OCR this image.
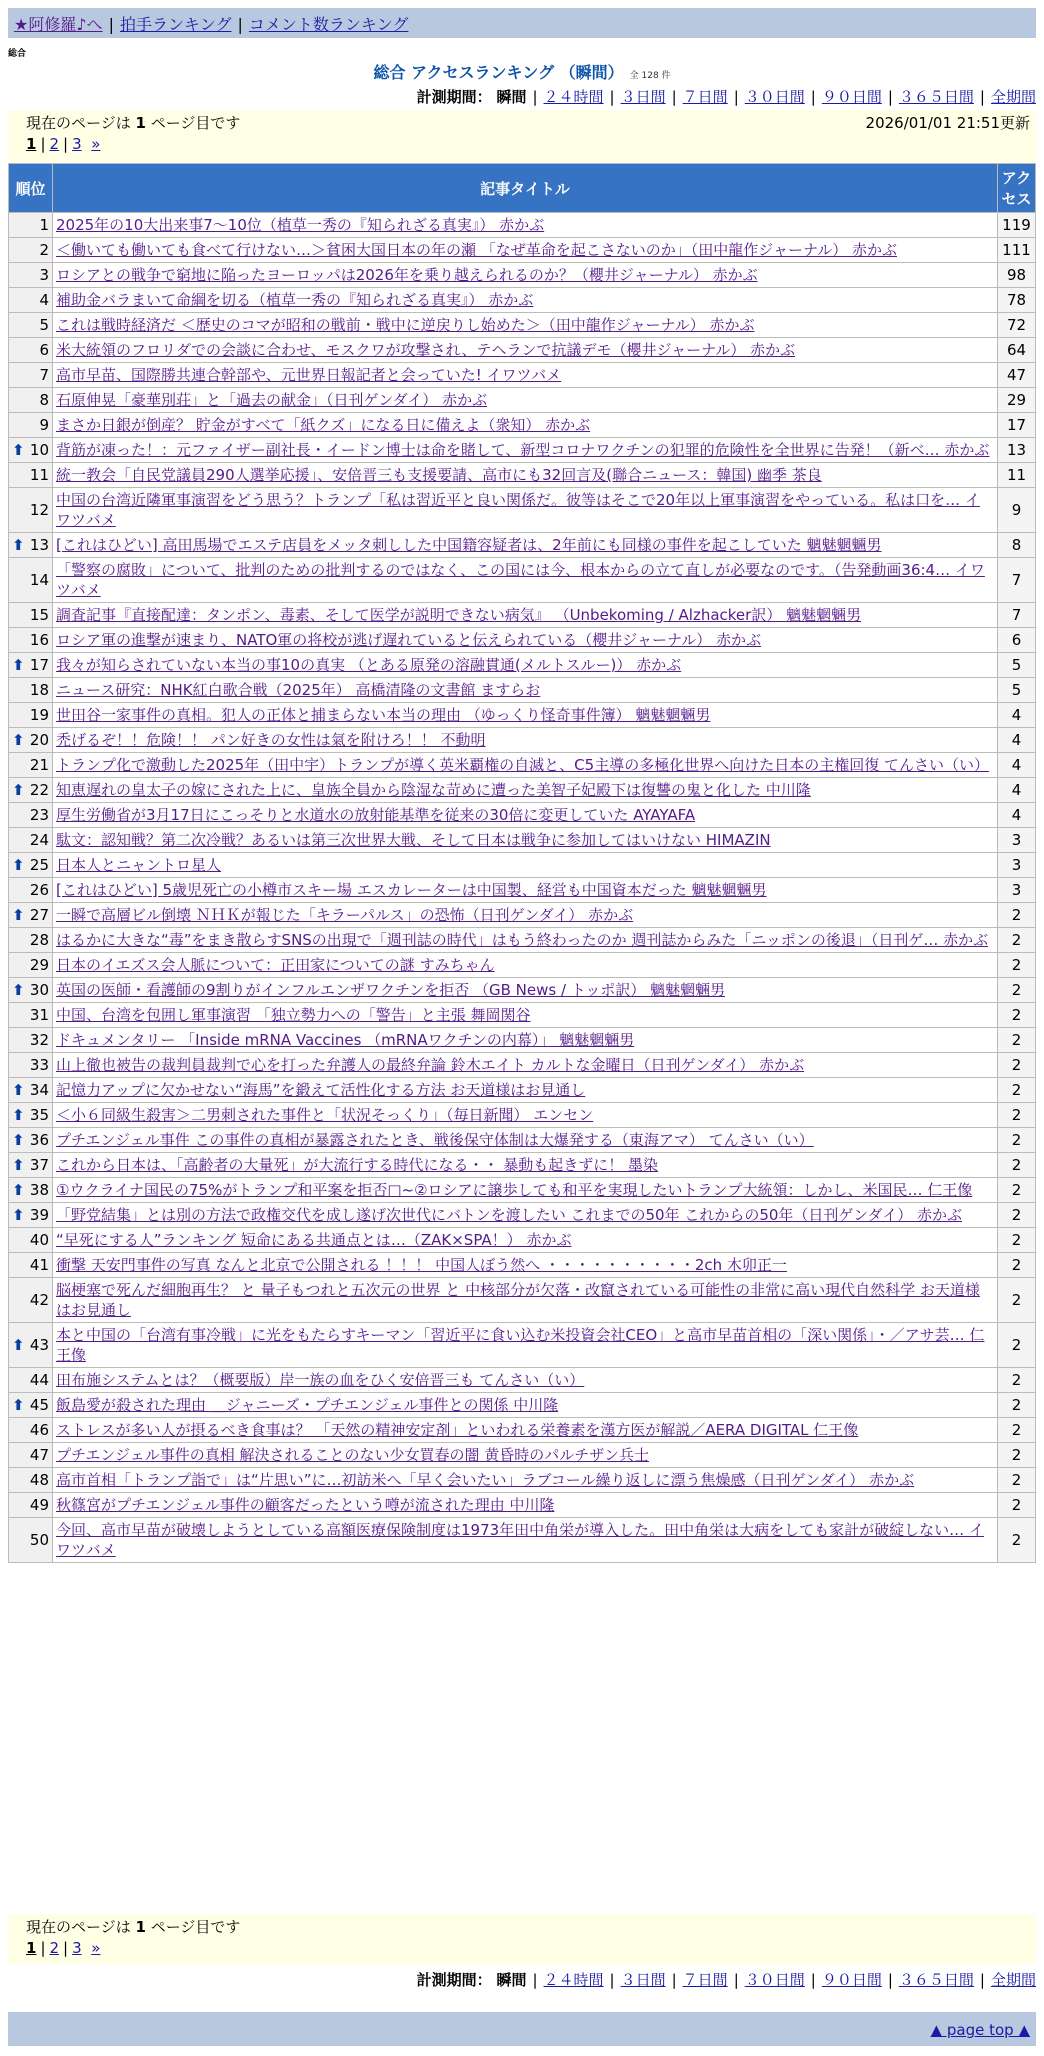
★阿修羅♪へ | 拍手ランキング | コメント数ランキング
総合
総合 アクセスランキング （瞬間） 全 128 件
計測期間： 瞬間 | ２４時間 | ３日間 | ７日間 | ３０日間 | ９０日間 | ３６５日間 | 全期間
現在のページは 1 ページ目です	2026/01/01 21:51更新
1 | 2 | 3 »
順位	記事タイトル	アクセス
1	2025年の10大出来事7～10位（植草一秀の『知られざる真実』） 赤かぶ	119
2	＜働いても働いても食べて行けない…＞貧困大国日本の年の瀬 「なぜ革命を起こさないのか」（田中龍作ジャーナル） 赤かぶ	111
3	ロシアとの戦争で窮地に陥ったヨーロッパは2026年を乗り越えられるのか？（櫻井ジャーナル） 赤かぶ	98
4	補助金バラまいて命綱を切る（植草一秀の『知られざる真実』） 赤かぶ	78
5	これは戦時経済だ ＜歴史のコマが昭和の戦前・戦中に逆戻りし始めた＞（田中龍作ジャーナル） 赤かぶ	72
6	米大統領のフロリダでの会談に合わせ、モスクワが攻撃され、テヘランで抗議デモ（櫻井ジャーナル） 赤かぶ	64
7	高市早苗、国際勝共連合幹部や、元世界日報記者と会っていた! イワツバメ	47
8	石原伸晃「豪華別荘」と「過去の献金」（日刊ゲンダイ） 赤かぶ	29
9	まさか日銀が倒産？ 貯金がすべて「紙クズ」になる日に備えよ（衆知） 赤かぶ	17

⬆ 10	背筋が凍った！：元ファイザー副社長・イードン博士は命を賭して、新型コロナワクチンの犯罪的危険性を全世界に告発！（新ベ… 赤かぶ	13
11	統一教会「自民党議員290人選挙応援」、安倍晋三も支援要請、高市にも32回言及(聯合ニュース：韓国) 幽季 茶良	11
12	中国の台湾近隣軍事演習をどう思う？トランプ「私は習近平と良い関係だ。彼等はそこで20年以上軍事演習をやっている。私は口を… イワツバメ	9

⬆ 13	[これはひどい] 高田馬場でエステ店員をメッタ刺しした中国籍容疑者は、2年前にも同様の事件を起こしていた 魑魅魍魎男	8
14	「警察の腐敗」について、批判のための批判するのではなく、この国には今、根本からの立て直しが必要なのです。（告発動画36:4… イワツバメ	7
15	調査記事『直接配達：タンポン、毒素、そして医学が説明できない病気』 （Unbekoming / Alzhacker訳） 魑魅魍魎男	7
16	ロシア軍の進撃が速まり、NATO軍の将校が逃げ遅れていると伝えられている（櫻井ジャーナル） 赤かぶ	6

⬆ 17	我々が知らされていない本当の事10の真実 （とある原発の溶融貫通(メルトスルー)） 赤かぶ	5
18	ニュース研究：NHK紅白歌合戦（2025年） 高橋清隆の文書館 ますらお	5
19	世田谷一家事件の真相。犯人の正体と捕まらない本当の理由 （ゆっくり怪奇事件簿） 魑魅魍魎男	4

⬆ 20	禿げるぞ！！危険！！ パン好きの女性は氣を附けろ！！ 不動明	4
21	トランプ化で激動した2025年（田中宇）トランプが導く英米覇権の自滅と、C5主導の多極化世界へ向けた日本の主権回復 てんさい（い）	4

⬆ 22	知恵遅れの皇太子の嫁にされた上に、皇族全員から陰湿な苛めに遭った美智子妃殿下は復讐の鬼と化した 中川隆	4
23	厚生労働省が3月17日にこっそりと水道水の放射能基準を従来の30倍に変更していた AYAYAFA	4
24	駄文：認知戦？第二次冷戦？あるいは第三次世界大戦、そして日本は戦争に参加してはいけない HIMAZIN	3

⬆ 25	日本人とニャントロ星人	3
26	[これはひどい] 5歳児死亡の小樽市スキー場 エスカレーターは中国製、経営も中国資本だった 魑魅魍魎男	3

⬆ 27	一瞬で高層ビル倒壊 ＮＨＫが報じた「キラーパルス」の恐怖（日刊ゲンダイ） 赤かぶ	2
28	はるかに大きな“毒”をまき散らすSNSの出現で「週刊誌の時代」はもう終わったのか 週刊誌からみた「ニッポンの後退」（日刊ゲ… 赤かぶ	2
29	日本のイエズス会人脈について：正田家についての謎 すみちゃん	2

⬆ 30	英国の医師・看護師の9割りがインフルエンザワクチンを拒否 （GB News / トッポ訳） 魑魅魍魎男	2
31	中国、台湾を包囲し軍事演習 「独立勢力への「警告」と主張 舞岡関谷	2
32	ドキュメンタリー 「Inside mRNA Vaccines （mRNAワクチンの内幕）」 魑魅魍魎男	2
33	山上徹也被告の裁判員裁判で心を打った弁護人の最終弁論 鈴木エイト カルトな金曜日（日刊ゲンダイ） 赤かぶ	2

⬆ 34	記憶力アップに欠かせない“海馬”を鍛えて活性化する方法 お天道様はお見通し	2

⬆ 35	＜小６同級生殺害＞二男刺された事件と「状況そっくり」（毎日新聞） エンセン	2

⬆ 36	プチエンジェル事件 この事件の真相が暴露されたとき、戦後保守体制は大爆発する（東海アマ） てんさい（い）	2

⬆ 37	これから日本は、「高齢者の大量死」が大流行する時代になる・・ 暴動も起きずに！ 墨染	2

⬆ 38	①ウクライナ国民の75%がトランプ和平案を拒否□~②ロシアに譲歩しても和平を実現したいトランプ大統領：しかし、米国民… 仁王像	2

⬆ 39	「野党結集」とは別の方法で政権交代を成し遂げ次世代にバトンを渡したい これまでの50年 これからの50年（日刊ゲンダイ） 赤かぶ	2
40	“早死にする人”ランキング 短命にある共通点とは…（ZAK×SPA！） 赤かぶ	2
41	衝撃 天安門事件の写真 なんと北京で公開される ！！！ 中国人ぼう然へ ・・・・・・・・・・2ch 木卯正一	2
42	脳梗塞で死んだ細胞再生？ と 量子もつれと五次元の世界 と 中核部分が欠落・改竄されている可能性の非常に高い現代自然科学 お天道様はお見通し	2

⬆ 43	本と中国の「台湾有事冷戦」に光をもたらすキーマン「習近平に食い込む米投資会社CEO」と高市早苗首相の「深い関係」・／アサ芸… 仁王像	2
44	田布施システムとは？（概要版）岸一族の血をひく安倍晋三も てんさい（い）	2

⬆ 45	飯島愛が殺された理由 ＿ジャニーズ・プチエンジェル事件との関係 中川隆	2
46	ストレスが多い人が摂るべき食事は？ 「天然の精神安定剤」といわれる栄養素を漢方医が解説／AERA DIGITAL 仁王像	2
47	プチエンジェル事件の真相 解決されることのない少女買春の闇 黄昏時のパルチザン兵士	2
48	高市首相「トランプ詣で」は“片思い”に…初訪米へ「早く会いたい」ラブコール繰り返しに漂う焦燥感（日刊ゲンダイ） 赤かぶ	2
49	秋篠宮がプチエンジェル事件の顧客だったという噂が流された理由 中川隆	2
50	今回、高市早苗が破壊しようとしている高額医療保険制度は1973年田中角栄が導入した。田中角栄は大病をしても家計が破綻しない… イワツバメ	2
現在のページは 1 ページ目です
1 | 2 | 3 »
計測期間： 瞬間 | ２４時間 | ３日間 | ７日間 | ３０日間 | ９０日間 | ３６５日間 | 全期間
▲ page top ▲
